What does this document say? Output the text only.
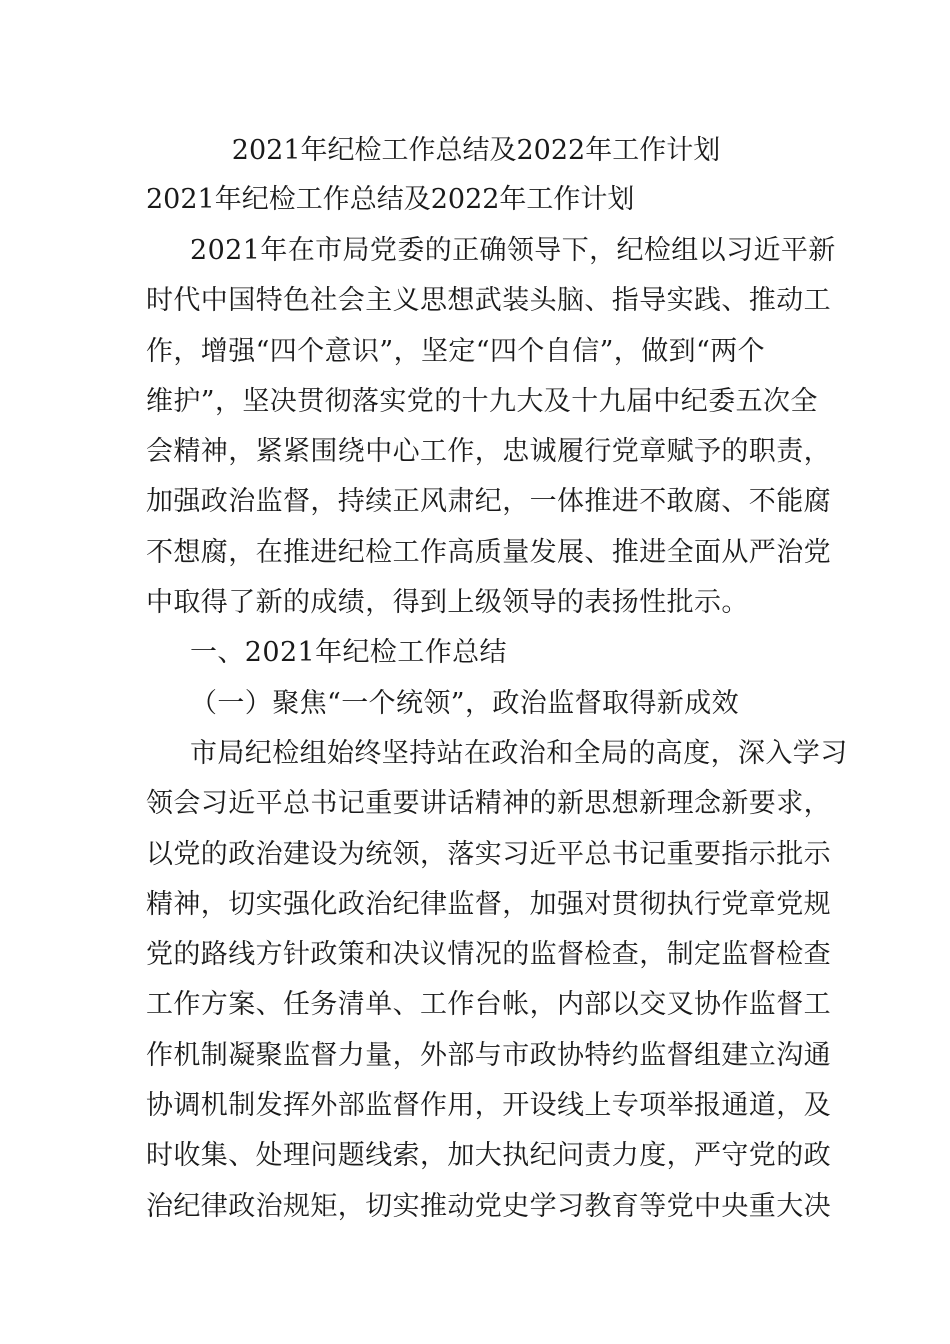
2021年纪检工作总结及2022年工作计划
2021年纪检工作总结及2022年工作计划
2021年在市局党委的正确领导下，纪检组以习近平新
时代中国特色社会主义思想武装头脑、指导实践、推动工
作，增强“四个意识”，坚定“四个自信”，做到“两个
维护”，坚决贯彻落实党的十九大及十九届中纪委五次全
会精神，紧紧围绕中心工作，忠诚履行党章赋予的职责，
加强政治监督，持续正风肃纪，一体推进不敢腐、不能腐
不想腐，在推进纪检工作高质量发展、推进全面从严治党
中取得了新的成绩，得到上级领导的表扬性批示。
一、2021年纪检工作总结
（一）聚焦“一个统领”，政治监督取得新成效
市局纪检组始终坚持站在政治和全局的高度，深入学习
领会习近平总书记重要讲话精神的新思想新理念新要求，
以党的政治建设为统领，落实习近平总书记重要指示批示
精神，切实强化政治纪律监督，加强对贯彻执行党章党规
党的路线方针政策和决议情况的监督检查，制定监督检查
工作方案、任务清单、工作台帐，内部以交叉协作监督工
作机制凝聚监督力量，外部与市政协特约监督组建立沟通
协调机制发挥外部监督作用，开设线上专项举报通道，及
时收集、处理问题线索，加大执纪问责力度，严守党的政
治纪律政治规矩，切实推动党史学习教育等党中央重大决
